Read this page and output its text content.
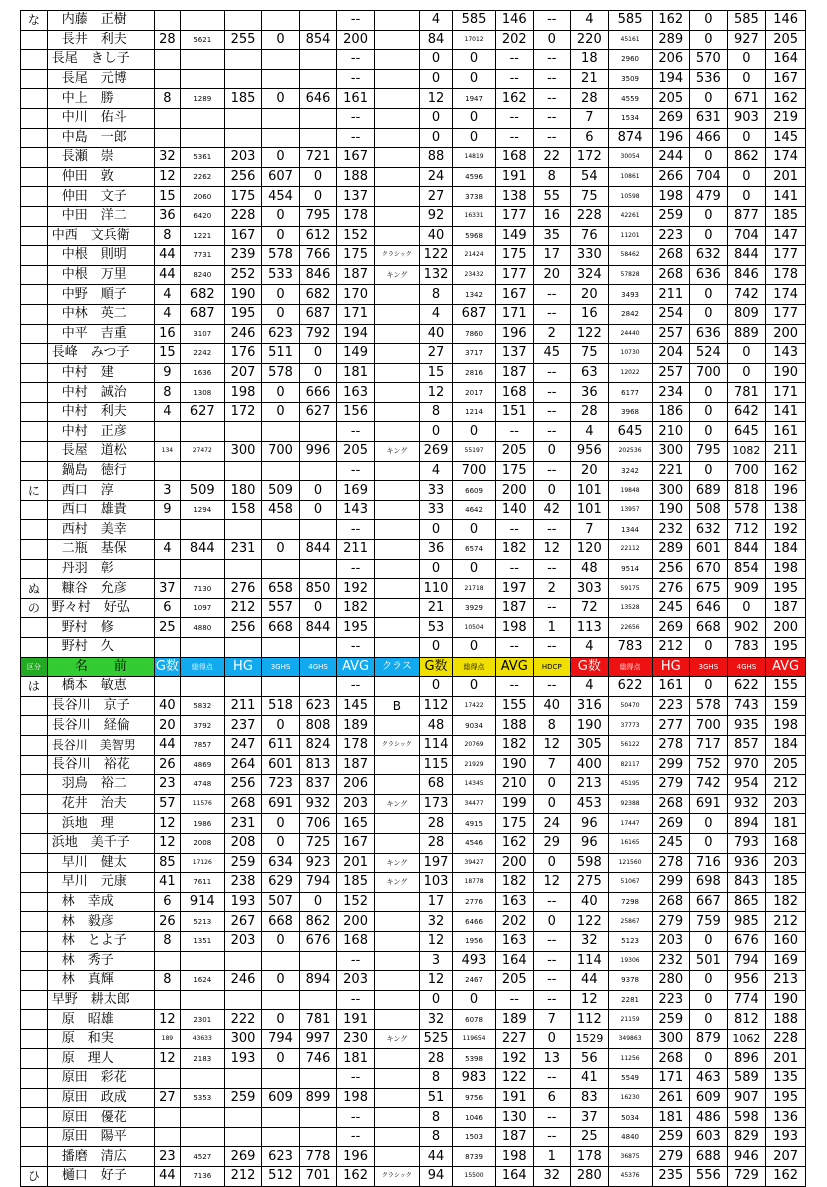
な	内藤　正樹						--		4	585	146	--	4	585	162	0	585	146
	長井　利夫	28	5621	255	0	854	200		84	17012	202	0	220	45161	289	0	927	205
	長尾　きし子						--		0	0	--	--	18	2960	206	570	0	164
	長尾　元博						--		0	0	--	--	21	3509	194	536	0	167
	中上　勝	8	1289	185	0	646	161		12	1947	162	--	28	4559	205	0	671	162
	中川　佑斗						--		0	0	--	--	7	1534	269	631	903	219
	中島　一郎						--		0	0	--	--	6	874	196	466	0	145
	長瀬　崇	32	5361	203	0	721	167		88	14819	168	22	172	30054	244	0	862	174
	仲田　敦	12	2262	256	607	0	188		24	4596	191	8	54	10861	266	704	0	201
	仲田　文子	15	2060	175	454	0	137		27	3738	138	55	75	10598	198	479	0	141
	中田　洋二	36	6420	228	0	795	178		92	16331	177	16	228	42261	259	0	877	185
	中西　文兵衛	8	1221	167	0	612	152		40	5968	149	35	76	11201	223	0	704	147
	中根　則明	44	7731	239	578	766	175	クラシック	122	21424	175	17	330	58462	268	632	844	177
	中根　万里	44	8240	252	533	846	187	キング	132	23432	177	20	324	57828	268	636	846	178
	中野　順子	4	682	190	0	682	170		8	1342	167	--	20	3493	211	0	742	174
	中林　英二	4	687	195	0	687	171		4	687	171	--	16	2842	254	0	809	177
	中平　吉重	16	3107	246	623	792	194		40	7860	196	2	122	24440	257	636	889	200
	長峰　みつ子	15	2242	176	511	0	149		27	3717	137	45	75	10730	204	524	0	143
	中村　建	9	1636	207	578	0	181		15	2816	187	--	63	12022	257	700	0	190
	中村　誠治	8	1308	198	0	666	163		12	2017	168	--	36	6177	234	0	781	171
	中村　利夫	4	627	172	0	627	156		8	1214	151	--	28	3968	186	0	642	141
	中村　正彦						--		0	0	--	--	4	645	210	0	645	161
	長屋　道松	134	27472	300	700	996	205	キング	269	55197	205	0	956	202536	300	795	1082	211
	鍋島　徳行						--		4	700	175	--	20	3242	221	0	700	162
に	西口　淳	3	509	180	509	0	169		33	6609	200	0	101	19848	300	689	818	196
	西口　雄貴	9	1294	158	458	0	143		33	4642	140	42	101	13957	190	508	578	138
	西村　美幸						--		0	0	--	--	7	1344	232	632	712	192
	二瓶　基保	4	844	231	0	844	211		36	6574	182	12	120	22112	289	601	844	184
	丹羽　彰						--		0	0	--	--	48	9514	256	670	854	198
ぬ	糠谷　允彦	37	7130	276	658	850	192		110	21718	197	2	303	59175	276	675	909	195
の	野々村　好弘	6	1097	212	557	0	182		21	3929	187	--	72	13528	245	646	0	187
	野村　修	25	4880	256	668	844	195		53	10504	198	1	113	22656	269	668	902	200
	野村　久						--		0	0	--	--	4	783	212	0	783	195
区分	名　　前	G数	総得点	HG	3GHS	4GHS	AVG	クラス	G数	総得点	AVG	HDCP	G数	総得点	HG	3GHS	4GHS	AVG
は	橋本　敏恵						--		0	0	--	--	4	622	161	0	622	155
	長谷川　京子	40	5832	211	518	623	145	B	112	17422	155	40	316	50470	223	578	743	159
	長谷川　経倫	20	3792	237	0	808	189		48	9034	188	8	190	37773	277	700	935	198
	長谷川　美智男	44	7857	247	611	824	178	クラシック	114	20769	182	12	305	56122	278	717	857	184
	長谷川　裕花	26	4869	264	601	813	187		115	21929	190	7	400	82117	299	752	970	205
	羽鳥　裕二	23	4748	256	723	837	206		68	14345	210	0	213	45195	279	742	954	212
	花井　治夫	57	11576	268	691	932	203	キング	173	34477	199	0	453	92388	268	691	932	203
	浜地　理	12	1986	231	0	706	165		28	4915	175	24	96	17447	269	0	894	181
	浜地　美千子	12	2008	208	0	725	167		28	4546	162	29	96	16165	245	0	793	168
	早川　健太	85	17126	259	634	923	201	キング	197	39427	200	0	598	121560	278	716	936	203
	早川　元康	41	7611	238	629	794	185	キング	103	18778	182	12	275	51067	299	698	843	185
	林　幸成	6	914	193	507	0	152		17	2776	163	--	40	7298	268	667	865	182
	林　毅彦	26	5213	267	668	862	200		32	6466	202	0	122	25867	279	759	985	212
	林　とよ子	8	1351	203	0	676	168		12	1956	163	--	32	5123	203	0	676	160
	林　秀子						--		3	493	164	--	114	19306	232	501	794	169
	林　真輝	8	1624	246	0	894	203		12	2467	205	--	44	9378	280	0	956	213
	早野　耕太郎						--		0	0	--	--	12	2281	223	0	774	190
	原　昭雄	12	2301	222	0	781	191		32	6078	189	7	112	21159	259	0	812	188
	原　和実	189	43633	300	794	997	230	キング	525	119654	227	0	1529	349863	300	879	1062	228
	原　理人	12	2183	193	0	746	181		28	5398	192	13	56	11256	268	0	896	201
	原田　彩花						--		8	983	122	--	41	5549	171	463	589	135
	原田　政成	27	5353	259	609	899	198		51	9756	191	6	83	16230	261	609	907	195
	原田　優花						--		8	1046	130	--	37	5034	181	486	598	136
	原田　陽平						--		8	1503	187	--	25	4840	259	603	829	193
	播磨　清広	23	4527	269	623	778	196		44	8739	198	1	178	36875	279	688	946	207
ひ	樋口　好子	44	7136	212	512	701	162	クラシック	94	15500	164	32	280	45376	235	556	729	162
